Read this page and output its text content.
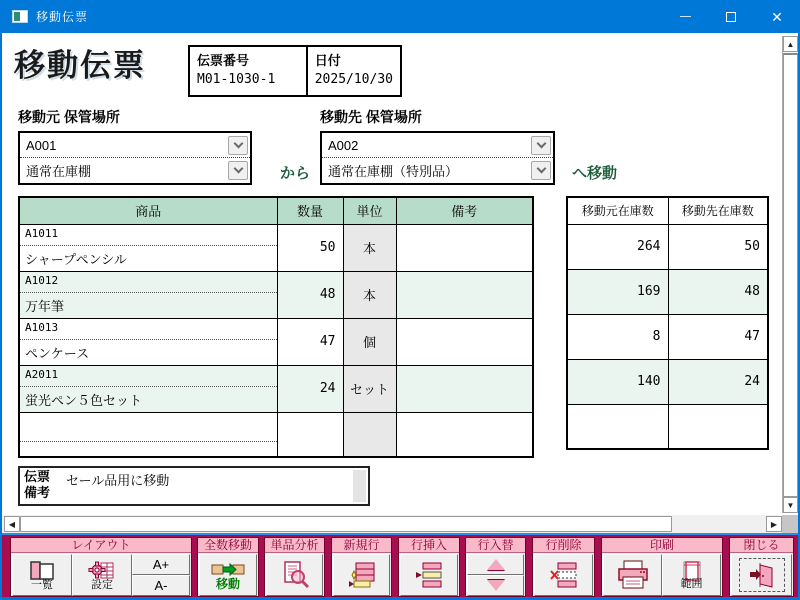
移動伝票	✕
移動伝票	伝票番号
M01-1030-1
日付
2025/10/30
移動元 保管場所
A001
通常在庫棚	から
移動先 保管場所
A002
通常在庫棚（特別品）	へ移動
商品	数量	単位	備考

A1011
シャープペンシル	50	本	

A1012
万年筆	48	本	

A1013
ペンケース	47	個	

A2011
蛍光ペン５色セット	24	セット	

移動元在庫数	移動先在庫数
264	50
169	48
8	47
140	24

伝票
備考
セール品用に移動
▲
▼
◀	▶
レイアウト
一覧	設定
A+
A-
全数移動
移動
単品分析	新規行	行挿入	行入替	行削除	印刷
範囲
閉じる
